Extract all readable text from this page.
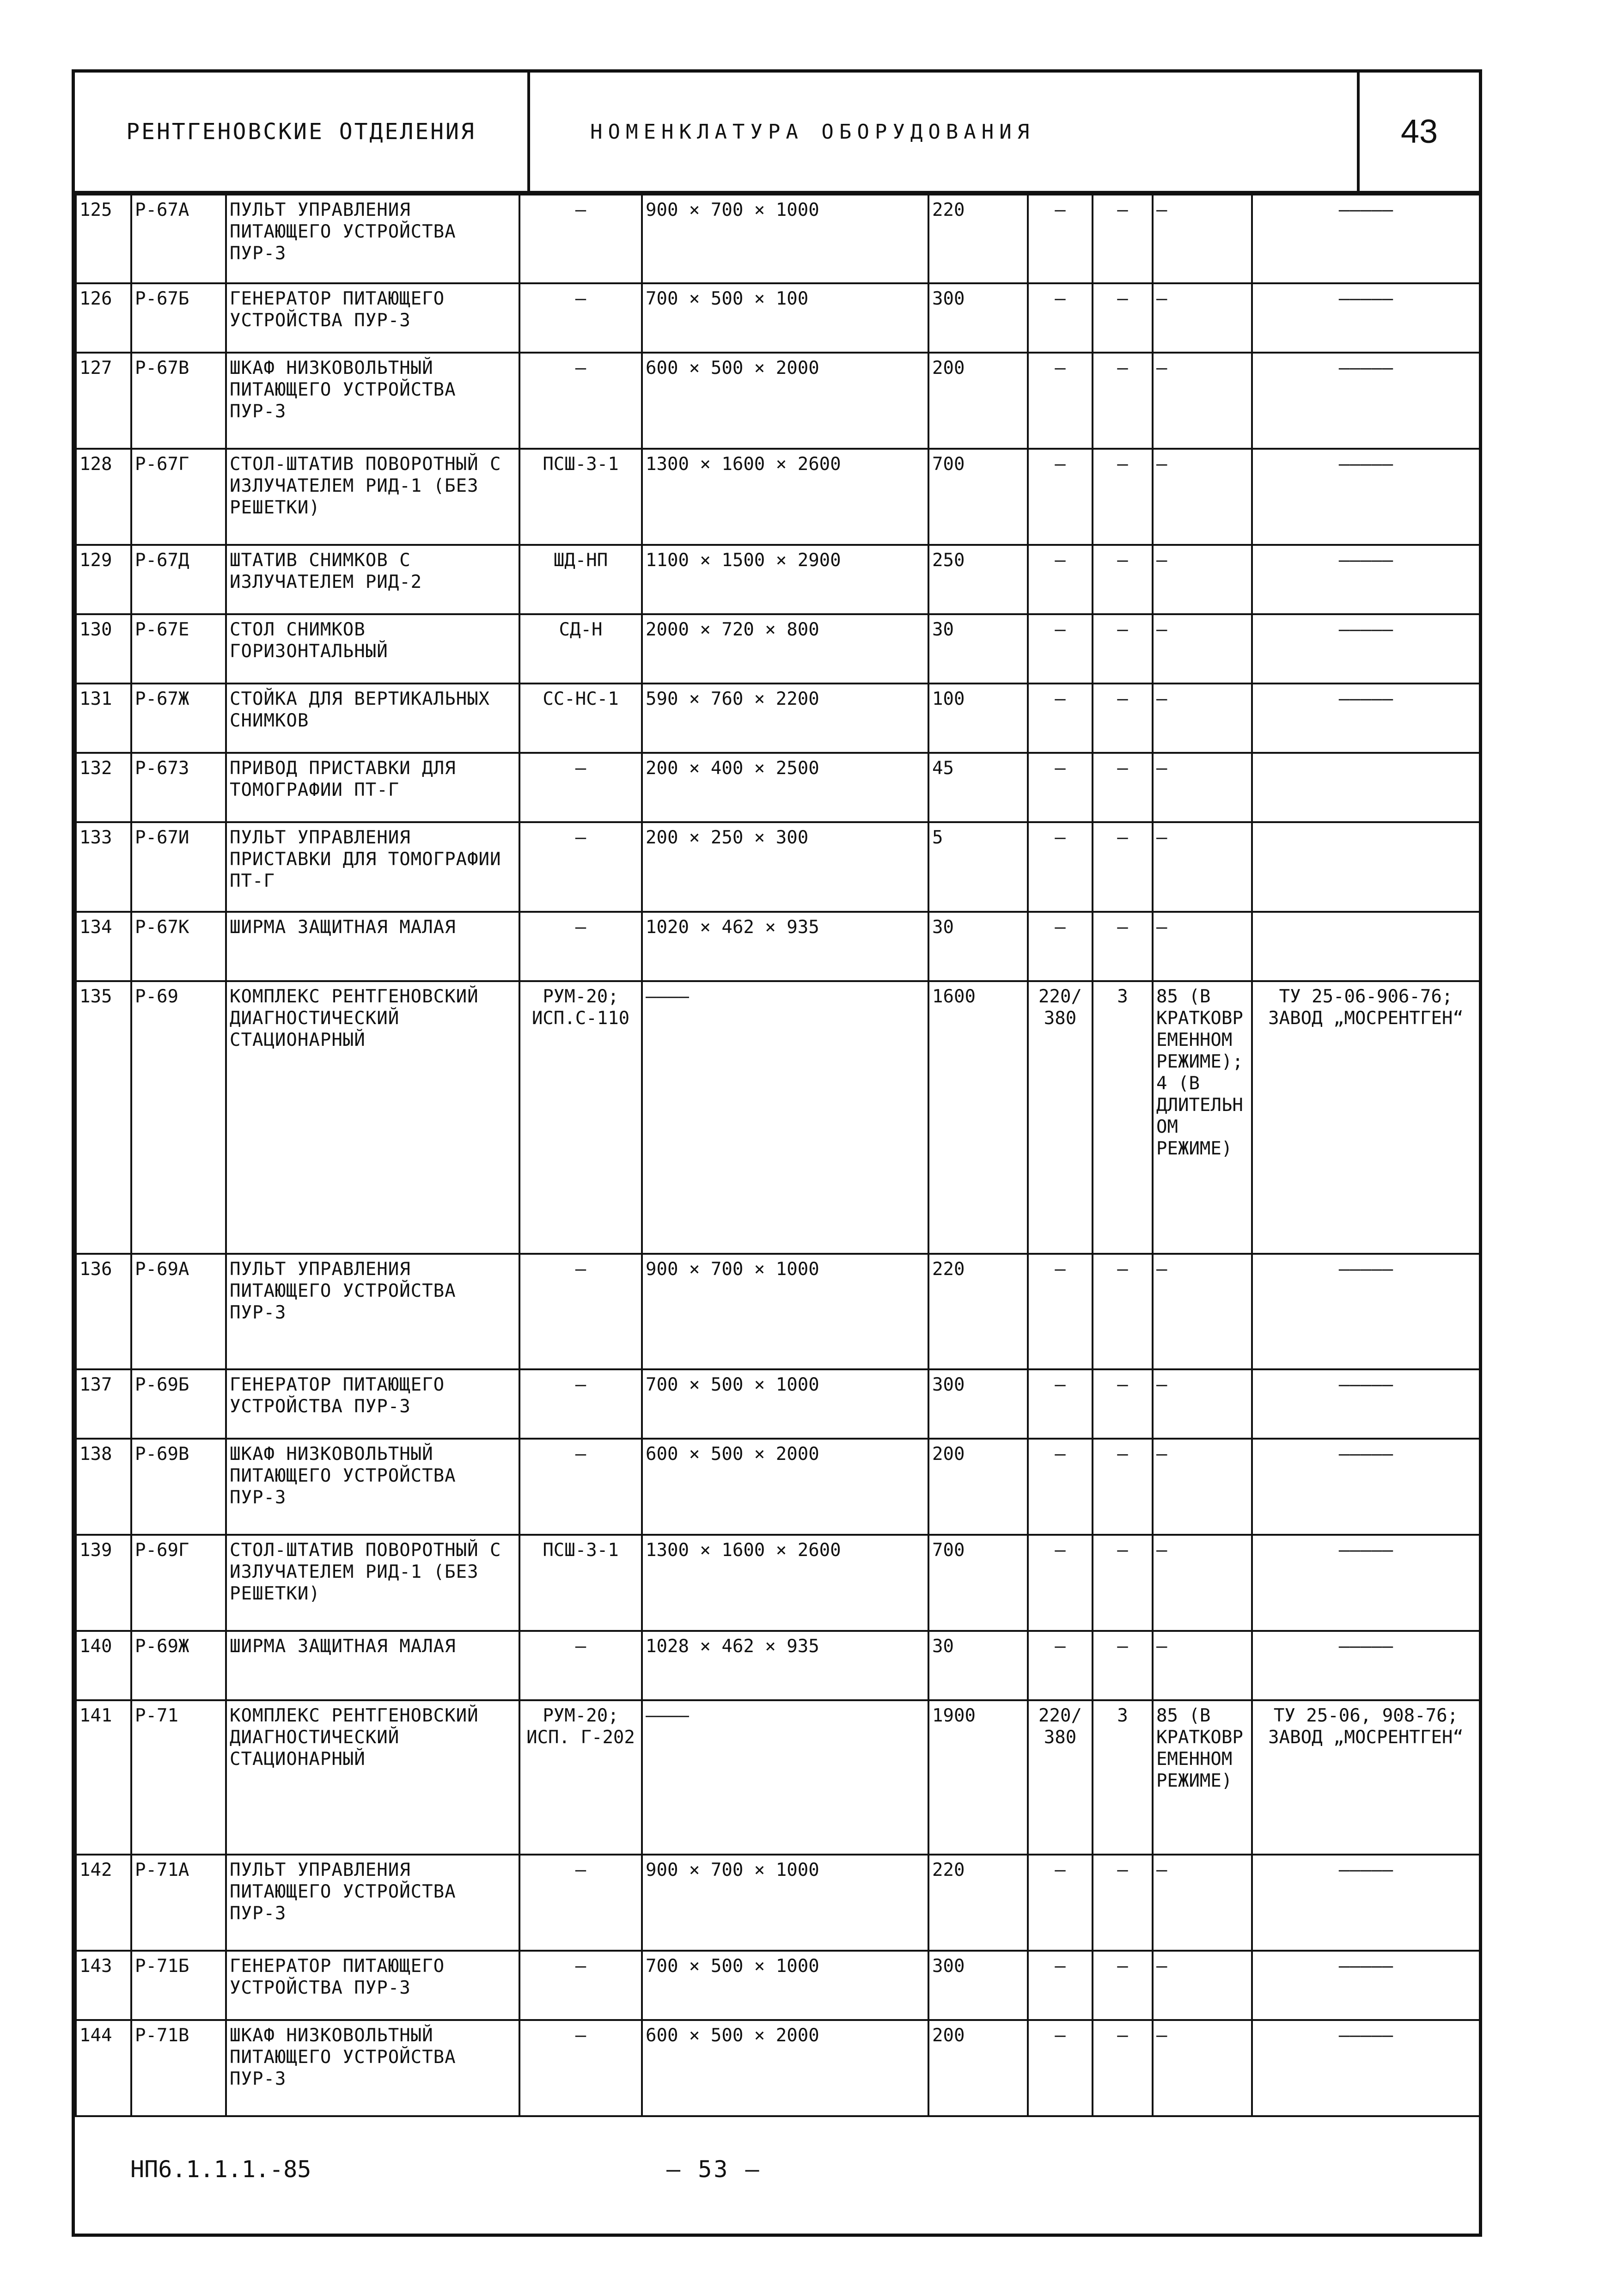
РЕНТГЕНОВСКИЕ ОТДЕЛЕНИЯ	НОМЕНКЛАТУРА ОБОРУДОВАНИЯ	43
125	Р-67А	ПУЛЬТ УПРАВЛЕНИЯ ПИТАЮЩЕГО УСТРОЙСТВА ПУР-3	—	900 × 700 × 1000	220	—	—	—	—————
126	Р-67Б	ГЕНЕРАТОР ПИТАЮЩЕГО УСТРОЙСТВА ПУР-3	—	700 × 500 × 100	300	—	—	—	—————
127	Р-67В	ШКАФ НИЗКОВОЛЬТНЫЙ ПИТАЮЩЕГО УСТРОЙСТВА ПУР-3	—	600 × 500 × 2000	200	—	—	—	—————
128	Р-67Г	СТОЛ-ШТАТИВ ПОВОРОТНЫЙ С ИЗЛУЧАТЕЛЕМ РИД-1 (БЕЗ РЕШЕТКИ)	ПСШ-3-1	1300 × 1600 × 2600	700	—	—	—	—————
129	Р-67Д	ШТАТИВ СНИМКОВ С ИЗЛУЧАТЕЛЕМ РИД-2	ШД-НП	1100 × 1500 × 2900	250	—	—	—	—————
130	Р-67Е	СТОЛ СНИМКОВ ГОРИЗОНТАЛЬНЫЙ	СД-Н	2000 × 720 × 800	30	—	—	—	—————
131	Р-67Ж	СТОЙКА ДЛЯ ВЕРТИКАЛЬНЫХ СНИМКОВ	СС-НС-1	590 × 760 × 2200	100	—	—	—	—————
132	Р-67З	ПРИВОД ПРИСТАВКИ ДЛЯ ТОМОГРАФИИ ПТ-Г	—	200 × 400 × 2500	45	—	—	—	
133	Р-67И	ПУЛЬТ УПРАВЛЕНИЯ ПРИСТАВКИ ДЛЯ ТОМОГРАФИИ ПТ-Г	—	200 × 250 × 300	5	—	—	—	
134	Р-67К	ШИРМА ЗАЩИТНАЯ МАЛАЯ	—	1020 × 462 × 935	30	—	—	—	
135	Р-69	КОМПЛЕКС РЕНТГЕНОВСКИЙ ДИАГНОСТИЧЕСКИЙ СТАЦИОНАРНЫЙ	РУМ-20; ИСП.С-110	————	1600	220/ 380	3	85 (В КРАТКОВРЕМЕННОМ РЕЖИМЕ); 4 (В ДЛИТЕЛЬНОМ РЕЖИМЕ)	ТУ 25-06-906-76; ЗАВОД „МОСРЕНТГЕН“
136	Р-69А	ПУЛЬТ УПРАВЛЕНИЯ ПИТАЮЩЕГО УСТРОЙСТВА ПУР-3	—	900 × 700 × 1000	220	—	—	—	—————
137	Р-69Б	ГЕНЕРАТОР ПИТАЮЩЕГО УСТРОЙСТВА ПУР-3	—	700 × 500 × 1000	300	—	—	—	—————
138	Р-69В	ШКАФ НИЗКОВОЛЬТНЫЙ ПИТАЮЩЕГО УСТРОЙСТВА ПУР-3	—	600 × 500 × 2000	200	—	—	—	—————
139	Р-69Г	СТОЛ-ШТАТИВ ПОВОРОТНЫЙ С ИЗЛУЧАТЕЛЕМ РИД-1 (БЕЗ РЕШЕТКИ)	ПСШ-3-1	1300 × 1600 × 2600	700	—	—	—	—————
140	Р-69Ж	ШИРМА ЗАЩИТНАЯ МАЛАЯ	—	1028 × 462 × 935	30	—	—	—	—————
141	Р-71	КОМПЛЕКС РЕНТГЕНОВСКИЙ ДИАГНОСТИЧЕСКИЙ СТАЦИОНАРНЫЙ	РУМ-20; ИСП. Г-202	————	1900	220/ 380	3	85 (В КРАТКОВРЕМЕННОМ РЕЖИМЕ)	ТУ 25-06, 908-76; ЗАВОД „МОСРЕНТГЕН“
142	Р-71А	ПУЛЬТ УПРАВЛЕНИЯ ПИТАЮЩЕГО УСТРОЙСТВА ПУР-3	—	900 × 700 × 1000	220	—	—	—	—————
143	Р-71Б	ГЕНЕРАТОР ПИТАЮЩЕГО УСТРОЙСТВА ПУР-3	—	700 × 500 × 1000	300	—	—	—	—————
144	Р-71В	ШКАФ НИЗКОВОЛЬТНЫЙ ПИТАЮЩЕГО УСТРОЙСТВА ПУР-3	—	600 × 500 × 2000	200	—	—	—	—————
НП6.1.1.1.-85	— 53 —
